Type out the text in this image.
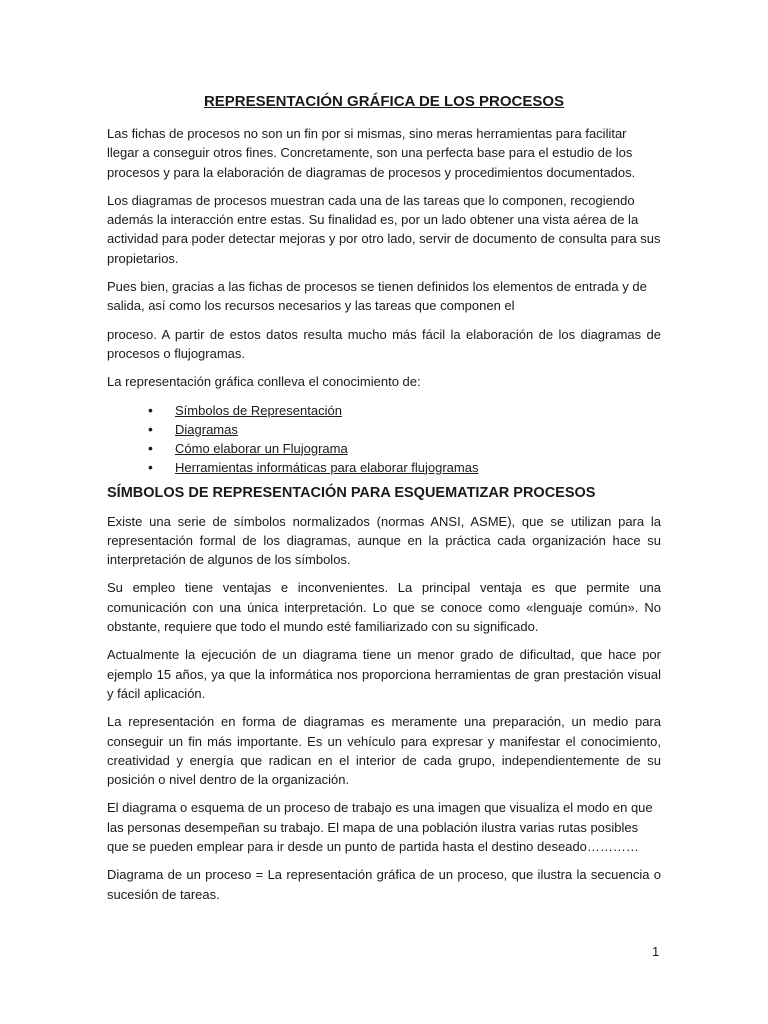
REPRESENTACIÓN GRÁFICA DE LOS PROCESOS

Las fichas de procesos no son un fin por si mismas, sino meras herramientas para facilitar llegar a conseguir otros fines. Concretamente, son una perfecta base para el estudio de los procesos y para la elaboración de diagramas de procesos y procedimientos documentados.

Los diagramas de procesos muestran cada una de las tareas que lo componen, recogiendo además la interacción entre estas. Su finalidad es, por un lado obtener una vista aérea de la actividad para poder detectar mejoras y por otro lado, servir de documento de consulta para sus propietarios.

Pues bien, gracias a las fichas de procesos se tienen definidos los elementos de entrada y de salida, así como los recursos necesarios y las tareas que componen el

proceso. A partir de estos datos resulta mucho más fácil la elaboración de los diagramas de procesos o flujogramas.

La representación gráfica conlleva el conocimiento de:

• Símbolos de Representación
• Diagramas
• Cómo elaborar un Flujograma
• Herramientas informáticas para elaborar flujogramas
SÍMBOLOS DE REPRESENTACIÓN PARA ESQUEMATIZAR PROCESOS

Existe una serie de símbolos normalizados (normas ANSI, ASME), que se utilizan para la representación formal de los diagramas, aunque en la práctica cada organización hace su interpretación de algunos de los símbolos.

Su empleo tiene ventajas e inconvenientes. La principal ventaja es que permite una comunicación con una única interpretación. Lo que se conoce como «lenguaje común». No obstante, requiere que todo el mundo esté familiarizado con su significado.

Actualmente la ejecución de un diagrama tiene un menor grado de dificultad, que hace por ejemplo 15 años, ya que la informática nos proporciona herramientas de gran prestación visual y fácil aplicación.

La representación en forma de diagramas es meramente una preparación, un medio para conseguir un fin más importante. Es un vehículo para expresar y manifestar el conocimiento, creatividad y energía que radican en el interior de cada grupo, independientemente de su posición o nivel dentro de la organización.

El diagrama o esquema de un proceso de trabajo es una imagen que visualiza el modo en que las personas desempeñan su trabajo. El mapa de una población ilustra varias rutas posibles que se pueden emplear para ir desde un punto de partida hasta el destino deseado…………

Diagrama de un proceso = La representación gráfica de un proceso, que ilustra la secuencia o sucesión de tareas.

1
